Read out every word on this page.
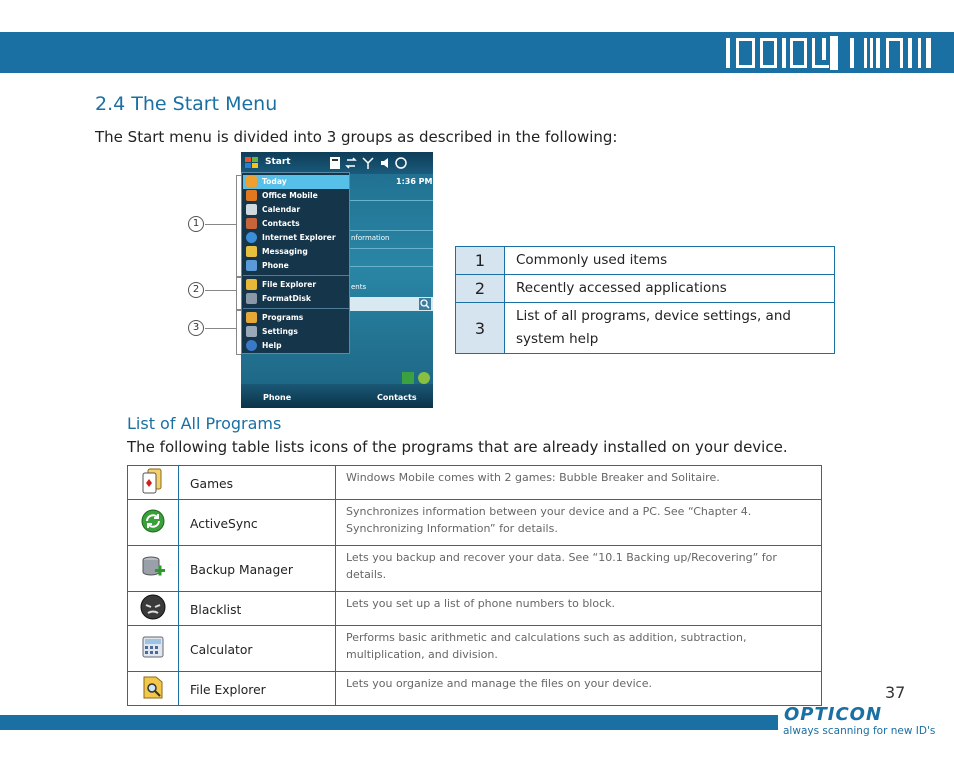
2.4 The Start Menu
The Start menu is divided into 3 groups as described in the following:
Start
1:36 PM
nformation
ents
Today
Office Mobile
Calendar
Contacts
Internet Explorer
Messaging
Phone
File Explorer
FormatDisk
Programs
Settings
Help
Phone	Contacts
1
2
3
1	Commonly used items
2	Recently accessed applications
3	List of all programs, device settings, and system help
List of All Programs
The following table lists icons of the programs that are already installed on your device.
	Games	Windows Mobile comes with 2 games: Bubble Breaker and Solitaire.
	ActiveSync	Synchronizes information between your device and a PC. See “Chapter 4. Synchronizing Information” for details.
	Backup Manager	Lets you backup and recover your data. See “10.1 Backing up/Recovering” for details.
	Blacklist	Lets you set up a list of phone numbers to block.
	Calculator	Performs basic arithmetic and calculations such as addition, subtraction, multiplication, and division.
	File Explorer	Lets you organize and manage the files on your device.	37
OPTICON
always scanning for new ID's
